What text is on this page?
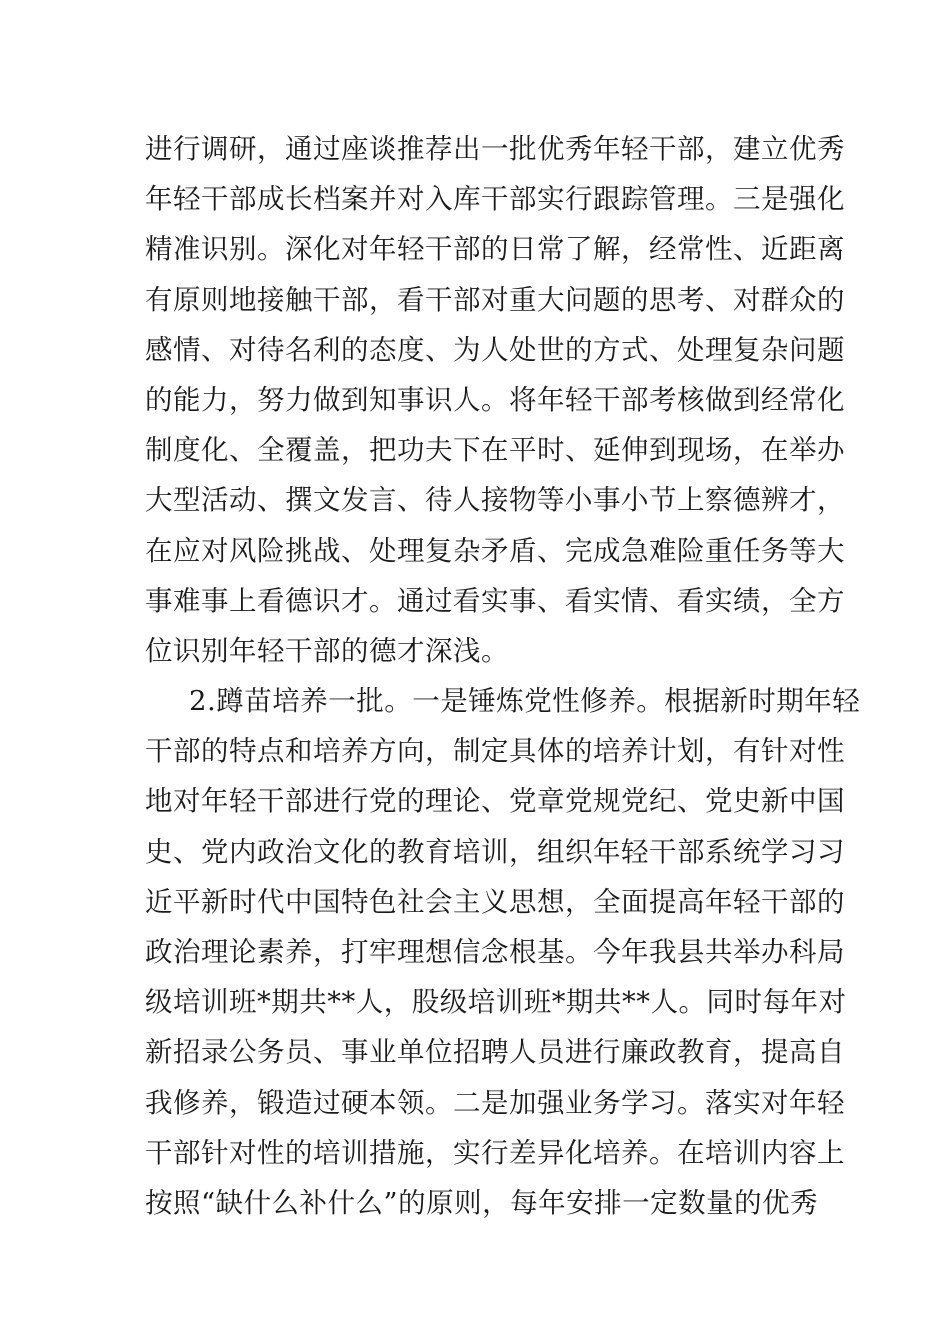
进行调研，通过座谈推荐出一批优秀年轻干部，建立优秀
年轻干部成长档案并对入库干部实行跟踪管理。三是强化
精准识别。深化对年轻干部的日常了解，经常性、近距离
有原则地接触干部，看干部对重大问题的思考、对群众的
感情、对待名利的态度、为人处世的方式、处理复杂问题
的能力，努力做到知事识人。将年轻干部考核做到经常化
制度化、全覆盖，把功夫下在平时、延伸到现场，在举办
大型活动、撰文发言、待人接物等小事小节上察德辨才，
在应对风险挑战、处理复杂矛盾、完成急难险重任务等大
事难事上看德识才。通过看实事、看实情、看实绩，全方
位识别年轻干部的德才深浅。
2.蹲苗培养一批。一是锤炼党性修养。根据新时期年轻
干部的特点和培养方向，制定具体的培养计划，有针对性
地对年轻干部进行党的理论、党章党规党纪、党史新中国
史、党内政治文化的教育培训，组织年轻干部系统学习习
近平新时代中国特色社会主义思想，全面提高年轻干部的
政治理论素养，打牢理想信念根基。今年我县共举办科局
级培训班*期共**人，股级培训班*期共**人。同时每年对
新招录公务员、事业单位招聘人员进行廉政教育，提高自
我修养，锻造过硬本领。二是加强业务学习。落实对年轻
干部针对性的培训措施，实行差异化培养。在培训内容上
按照“缺什么补什么”的原则，每年安排一定数量的优秀
